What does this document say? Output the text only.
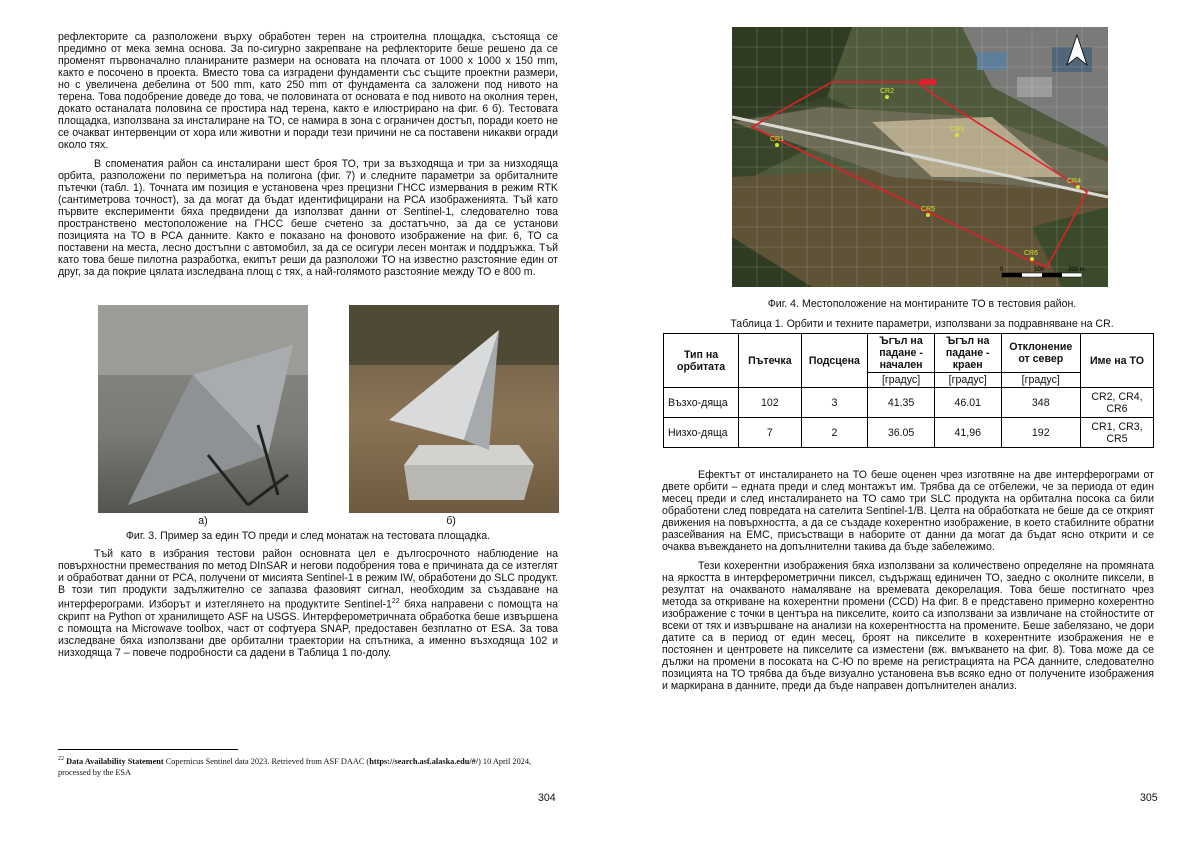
рефлекторите са разположени върху обработен терен на строителна площадка, състояща се предимно от мека земна основа. За по-сигурно закрепване на рефлекторите беше решено да се променят първоначално планираните размери на основата на плочата от 1000 x 1000 x 150 mm, както е посочено в проекта. Вместо това са изградени фундаменти със същите проектни размери, но с увеличена дебелина от 500 mm, като 250 mm от фундамента са заложени под нивото на терена. Това подобрение доведе до това, че половината от основата е под нивото на околния терен, докато останалата половина се простира над терена, както е илюстрирано на фиг. 6 б). Тестовата площадка, използвана за инсталиране на ТО, се намира в зона с ограничен достъп, поради което не се очакват интервенции от хора или животни и поради тези причини не са поставени никакви огради около тях.

В споменатия район са инсталирани шест броя ТО, три за възходяща и три за низходяща орбита, разположени по периметъра на полигона (фиг. 7) и следните параметри за орбиталните пътечки (табл. 1). Точната им позиция е установена чрез прецизни ГНСС измервания в режим RTK (сантиметрова точност), за да могат да бъдат идентифицирани на РСА изображенията. Тъй като първите експерименти бяха предвидени да използват данни от Sentinel-1, следователно това пространствено местоположение на ГНСС беше счетено за достатъчно, за да се установи позицията на ТО в РСА данните. Както е показано на фоновото изображение на фиг. 6, ТО са поставени на места, лесно достъпни с автомобил, за да се осигури лесен монтаж и поддръжка. Тъй като това беше пилотна разработка, екипът реши да разположи ТО на известно разстояние един от друг, за да покрие цялата изследвана площ с тях, а най-голямото разстояние между ТО е 800 m.

а)	б)
Фиг. 3. Пример за един ТО преди и след монатаж на тестовата площадка.

Тъй като в избрания тестови район основната цел е дългосрочното наблюдение на повърхностни премествания по метод DInSAR и негови подобрения това е причината да се изтеглят и обработват данни от РСА, получени от мисията Sentinel-1 в режим IW, обработени до SLC продукт. В този тип продукти задължително се запазва фазовият сигнал, необходим за създаване на интерферограми. Изборът и изтеглянето на продуктите Sentinel-$1^{22}$ бяха направени с помощта на скрипт на Python от хранилището ASF на USGS. Интерферометричната обработка беше извършена с помощта на Microwave toolbox, част от софтуера SNAP, предоставен безплатно от ESA. За това изследване бяха използвани две орбитални траектории на спътника, а именно възходяща 102 и низходяща 7 – повече подробности са дадени в Таблица 1 по-долу.

$^{22}$ Data Availability Statement Copernicus Sentinel data 2023. Retrieved from ASF DAAC (https://search.asf.alaska.edu/#/) 10 April 2024, processed by the ESA
304
CR1
CR2
CR3
CR4
CR5
CR6
0	100	200 m
Фиг. 4. Местоположение на монтираните ТО в тестовия район.
Таблица 1. Орбити и техните параметри, използвани за подравняване на CR.
Тип на орбитата	Пътечка	Подсцена	Ъгъл на падане - начален	Ъгъл на падане - краен	Отклонение от север	Име на ТО
			[градус]	[градус]	[градус]	
Възхо-дяща	102	3	41.35	46.01	348	CR2, CR4, CR6
Низхо-дяща	7	2	36.05	41,96	192	CR1, CR3, CR5

Ефектът от инсталирането на ТО беше оценен чрез изготвяне на две интерферограми от двете орбити – едната преди и след монтажът им. Трябва да се отбележи, че за периода от един месец преди и след инсталирането на ТО само три SLC продукта на орбитална посока са били обработени след повредата на сателита Sentinel-1/B. Целта на обработката не беше да се открият движения на повърхността, а да се създаде кохерентно изображение, в което стабилните обратни разсейвания на ЕМС, присъстващи в наборите от данни да могат да бъдат ясно открити и се очаква въвеждането на допълнителни такива да бъде забележимо.

Тези кохерентни изображения бяха използвани за количествено определяне на промяната на яркостта в интерферометрични пиксел, съдържащ единичен ТО, заедно с околните пиксели, в резултат на очакваното намаляване на времевата декорелация. Това беше постигнато чрез метода за откриване на кохерентни промени (CCD) На фиг. 8 е представено примерно кохерентно изображение с точки в центъра на пикселите, които са използвани за извличане на стойностите от всеки от тях и извършване на анализи на кохерентността на промените. Беше забелязано, че дори датите са в период от един месец, броят на пикселите в кохерентните изображения не е постоянен и центровете на пикселите са изместени (вж. вмъкването на фиг. 8). Това може да се дължи на промени в посоката на С-Ю по време на регистрацията на РСА данните, следователно позицията на ТО трябва да бъде визуално установена във всяко едно от получените изображения и маркирана в данните, преди да бъде направен допълнителен анализ.

305
